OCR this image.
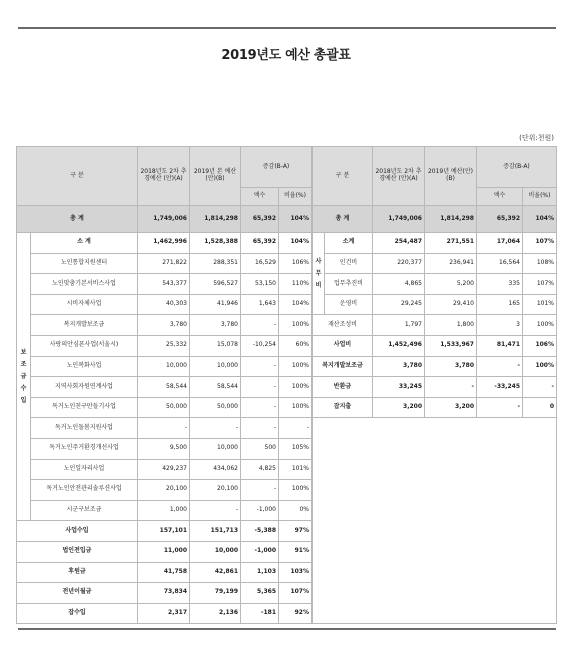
2019년도 예산 총괄표
(단위:천원)
구 분		2018년도 2차 추경예산 (안)(A)	2019년 본 예산 (안)(B)	증감(B-A)	
				액수	비율(%)
총 계		1,749,006	1,814,298	65,392	104%
보 조 금 수 입	소 계	1,462,996	1,528,388	65,392	104%
	노인통합지원센터	271,822	288,351	16,529	106%
	노인맞춤기본서비스사업	543,377	596,527	53,150	110%
	시비자체사업	40,303	41,946	1,643	104%
	복지개발보조금	3,780	3,780	-	100%
	사랑의안심폰사업(서울시)	25,332	15,078	-10,254	60%
	노인복화사업	10,000	10,000	-	100%
	지역사회자원연계사업	58,544	58,544	-	100%
	독거노인친구만들기사업	50,000	50,000	-	100%
	독거노인돌봄지원사업	-	-	-	-
	독거노인주거환경개선사업	9,500	10,000	500	105%
	노인일자리사업	429,237	434,062	4,825	101%
	독거노인안전관리솔루션사업	20,100	20,100	-	100%
	시군구보조금	1,000	-	-1,000	0%
사업수입		157,101	151,713	-5,388	97%
법인전입금		11,000	10,000	-1,000	91%
후원금		41,758	42,861	1,103	103%
전년이월금		73,834	79,199	5,365	107%
잡수입		2,317	2,136	-181	92%
구 분		2018년도 2차 추경예산 (안)(A)	2019년 예산(안)(B)	증감(B-A)	
				액수	비율(%)
총 계		1,749,006	1,814,298	65,392	104%
사 무 비	소계	254,487	271,551	17,064	107%
	인건비	220,377	236,941	16,564	108%
	업무추진비	4,865	5,200	335	107%
	운영비	29,245	29,410	165	101%
재산조성비		1,797	1,800	3	100%
사업비		1,452,496	1,533,967	81,471	106%
복지개발보조금		3,780	3,780	-	100%
반환금		33,245	-	-33,245	-
잡지출		3,200	3,200	-	0
